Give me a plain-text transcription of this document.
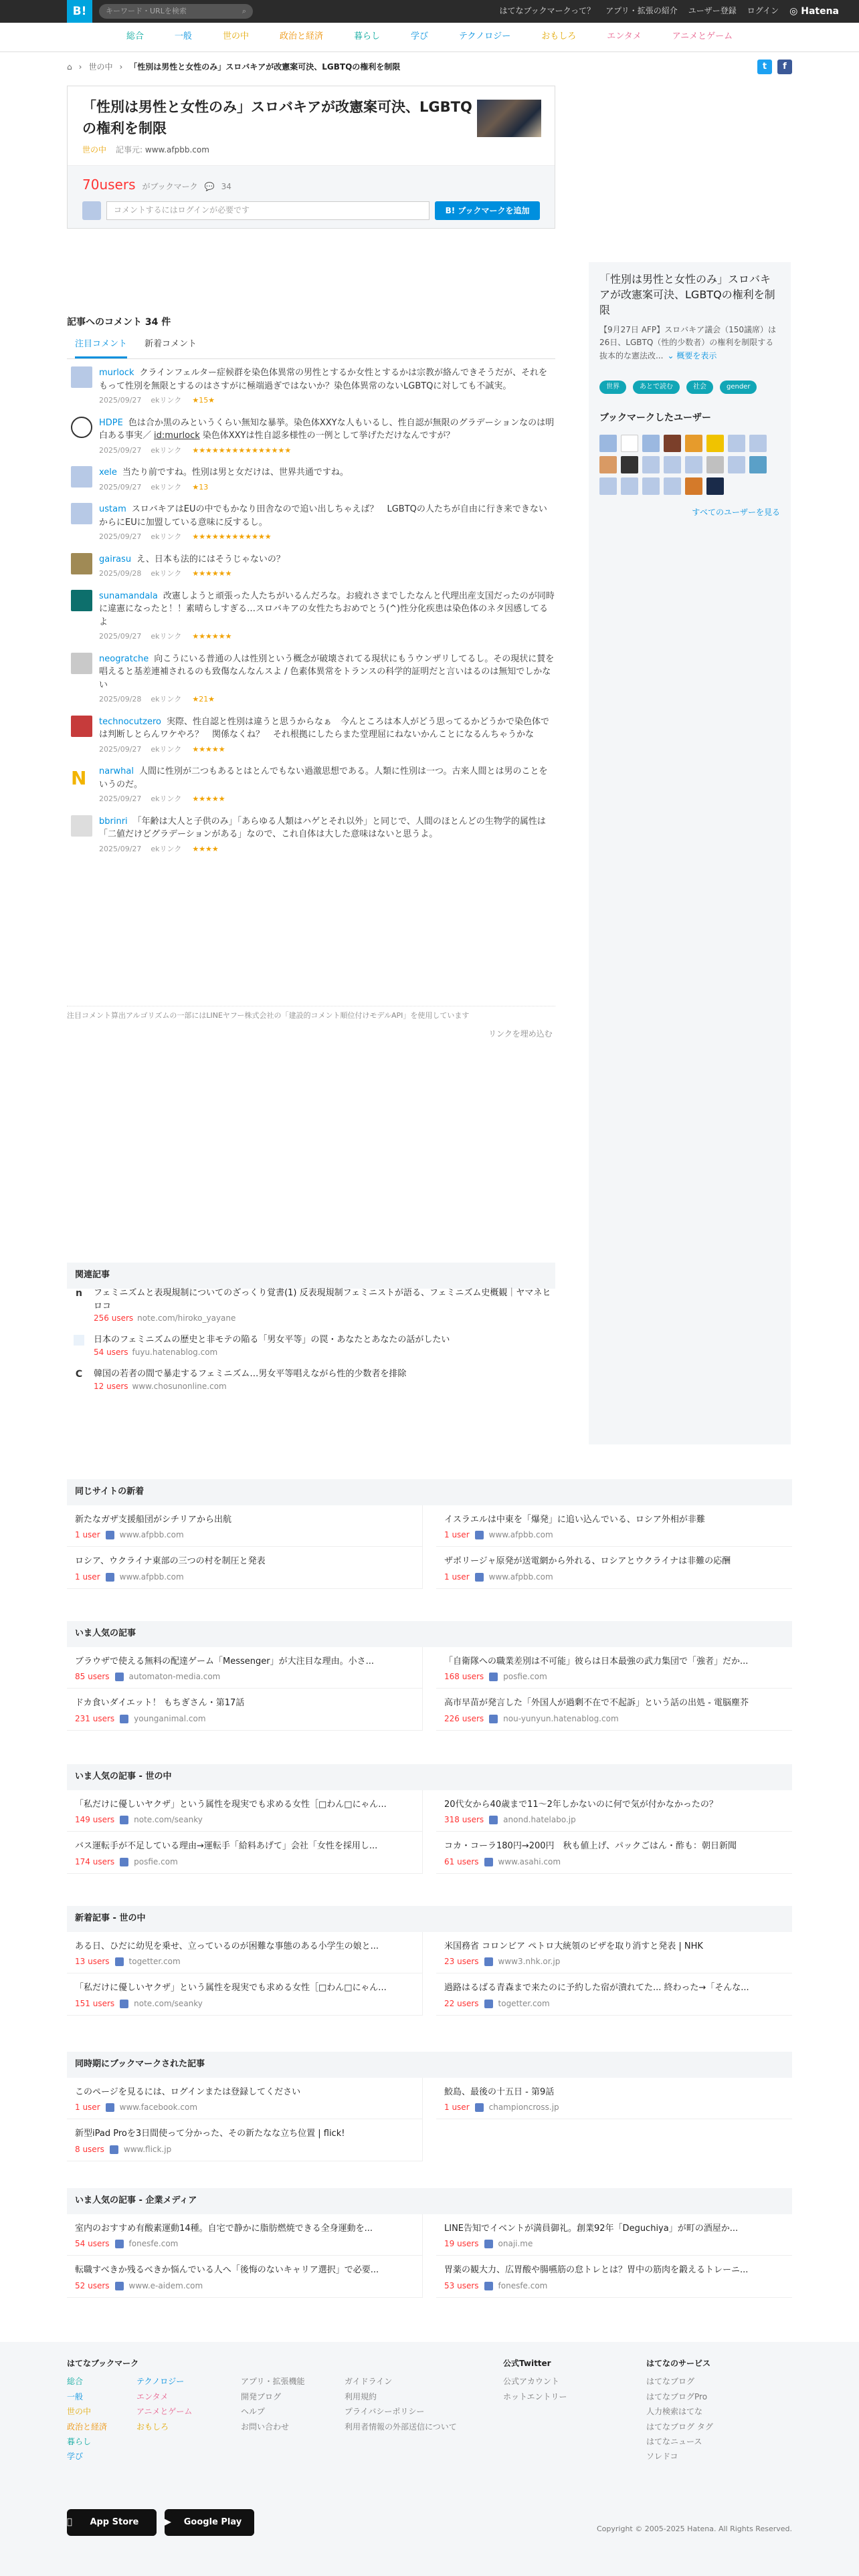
B!	キーワード・URLを検索	⌕	はてなブックマークって？ アプリ・拡張の紹介 ユーザー登録 ログイン ◎ Hatena
総合	一般	世の中	政治と経済	暮らし	学び	テクノロジー	おもしろ	エンタメ	アニメとゲーム
⌂ › 世の中 › 「性別は男性と女性のみ」スロバキアが改憲案可決、LGBTQの権利を制限	t	f
「性別は男性と女性のみ」スロバキアが改憲案可決、LGBTQの権利を制限
世の中 記事元: www.afpbb.com
70users がブックマーク 💬 34
コメントするにはログインが必要です	B! ブックマークを追加
記事へのコメント 34 件
注目コメント 新着コメント
murlock クラインフェルター症候群を染色体異常の男性とするか女性とするかは宗教が絡んできそうだが、それをもって性別を無限とするのはさすがに極端過ぎではないか？染色体異常のないLGBTQに対しても不誠実。
2025/09/27 ekリンク ★15★
HDPE 色は合か黒のみというくらい無知な暴挙。染色体XXYな人もいるし、性自認が無限のグラデーションなのは明白ある事実／ id:murlock 染色体XXYは性自認多様性の一例として挙げただけなんですが？
2025/09/27 ekリンク ★★★★★★★★★★★★★★★
xele 当たり前ですね。性別は男と女だけは、世界共通ですね。
2025/09/27 ekリンク ★13
ustam スロバキアはEUの中でもかなり田舎なので追い出しちゃえば？　LGBTQの人たちが自由に行き来できないからにEUに加盟している意味に反するし。
2025/09/27 ekリンク ★★★★★★★★★★★★
gairasu え、日本も法的にはそうじゃないの？
2025/09/28 ekリンク ★★★★★★
sunamandala 改憲しようと頑張った人たちがいるんだろな。お疲れさまでしたなんと代理出産支国だったのが同時に違憲になったと！！素晴らしすぎる…スロバキアの女性たちおめでとう(^)性分化疾患は染色体のネタ因感してるよ
2025/09/27 ekリンク ★★★★★★
neogratche 向こうにいる普通の人は性別という概念が破壊されてる現状にもうウンザリしてるし。その現状に賛を唱えると基差連補されるのも致傷なんなんスよ / 色素体異常をトランスの科学的証明だと言いはるのは無知でしかない
2025/09/28 ekリンク ★21★
technocutzero 実際、性自認と性別は違うと思うからなぁ　今んところは本人がどう思ってるかどうかで染色体では判断しとらんワケやろ？　関係なくね？　それ根拠にしたらまた堂理屈にねないかんことになるんちゃうかな
2025/09/27 ekリンク ★★★★★
N	narwhal 人間に性別が二つもあるとはとんでもない過激思想である。人類に性別は一つ。古来人間とは男のことをいうのだ。
2025/09/27 ekリンク ★★★★★
bbrinri 「年齢は大人と子供のみ」「あらゆる人類はハゲとそれ以外」と同じで、人間のほとんどの生物学的属性は「二値だけどグラデーションがある」なので、これ自体は大した意味はないと思うよ。
2025/09/27 ekリンク ★★★★
注目コメント算出アルゴリズムの一部にはLINEヤフー株式会社の「建設的コメント順位付けモデルAPI」を使用しています
リンクを埋め込む
「性別は男性と女性のみ」スロバキアが改憲案可決、LGBTQの権利を制限
【9月27日 AFP】スロバキア議会（150議席）は26日、LGBTQ（性的少数者）の権利を制限する抜本的な憲法改... ⌄ 概要を表示
世界	あとで読む	社会	gender
ブックマークしたユーザー
すべてのユーザーを見る
関連記事
n フェミニズムと表現規制についてのざっくり覚書(1) 反表現規制フェミニストが語る、フェミニズム史概観｜ヤマネヒロコ
256 users note.com/hiroko_yayane
日本のフェミニズムの歴史と非モテの陥る「男女平等」の罠・あなたとあなたの話がしたい
54 users fuyu.hatenablog.com
C 韓国の若者の間で暴走するフェミニズム…男女平等唱えながら性的少数者を排除
12 users www.chosunonline.com
同じサイトの新着
新たなガザ支援船団がシチリアから出航
1 user www.afpbb.com
イスラエルは中東を「爆発」に追い込んでいる、ロシア外相が非難
1 user www.afpbb.com
ロシア、ウクライナ東部の三つの村を制圧と発表
1 user www.afpbb.com
ザポリージャ原発が送電網から外れる、ロシアとウクライナは非難の応酬
1 user www.afpbb.com
いま人気の記事
ブラウザで使える無料の配達ゲーム「Messenger」が大注目な理由。小さ...
85 users automaton-media.com
「自衛隊への職業差別は不可能」彼らは日本最強の武力集団で「強者」だか...
168 users posfie.com
ドカ食いダイエット！ もちぎさん・第17話
231 users younganimal.com
高市早苗が発言した「外国人が過剰不在で不起訴」という話の出処 - 電脳塵芥
226 users nou-yunyun.hatenablog.com
いま人気の記事 - 世の中
「私だけに優しいヤクザ」という属性を現実でも求める女性［□わん□にゃん...
149 users note.com/seanky
20代女から40歳まで11〜2年しかないのに何で気が付かなかったの？
318 users anond.hatelabo.jp
バス運転手が不足している理由→運転手「給料あげて」会社「女性を採用し...
174 users posfie.com
コカ・コーラ180円→200円　秋も値上げ、パックごはん・酢も：朝日新聞
61 users www.asahi.com
新着記事 - 世の中
ある日、ひだに幼児を乗せ、立っているのが困難な事態のある小学生の娘と...
13 users togetter.com
米国務省 コロンビア ペトロ大統領のビザを取り消すと発表 | NHK
23 users www3.nhk.or.jp
「私だけに優しいヤクザ」という属性を現実でも求める女性［□わん□にゃん...
151 users note.com/seanky
過路はるばる青森まで来たのに予約した宿が潰れてた... 終わった→「そんな...
22 users togetter.com
同時期にブックマークされた記事
このページを見るには、ログインまたは登録してください
1 user www.facebook.com
鮫島、最後の十五日 - 第9話
1 user championcross.jp
新型iPad Proを3日間使って分かった、その新たなな立ち位置 | flick!
8 users www.flick.jp
いま人気の記事 - 企業メディア
室内のおすすめ有酸素運動14種。自宅で静かに脂肪燃焼できる全身運動を...
54 users fonesfe.com
LINE告知でイベントが満員御礼。創業92年「Deguchiya」が町の酒屋か...
19 users onaji.me
転職すべきか残るべきか悩んでいる人へ「後悔のないキャリア選択」で必要...
52 users www.e-aidem.com
胃薬の観大力、広胃酸や腸嚥筋の怠トレとは？胃中の筋肉を鍛えるトレーニ...
53 users fonesfe.com
はてなブックマーク

総合

一般

世の中

政治と経済

暮らし

学び

テクノロジー

エンタメ

アニメとゲーム

おもしろ

アプリ・拡張機能

開発ブログ

ヘルプ

お問い合わせ

ガイドライン

利用規約

プライバシーポリシー

利用者情報の外部送信について

公式Twitter

公式アカウント

ホットエントリー

はてなのサービス

はてなブログ

はてなブログPro

人力検索はてな

はてなブログ タグ

はてなニュース

ソレドコ

App Store	▶	Google Play
Copyright © 2005-2025 Hatena. All Rights Reserved.
